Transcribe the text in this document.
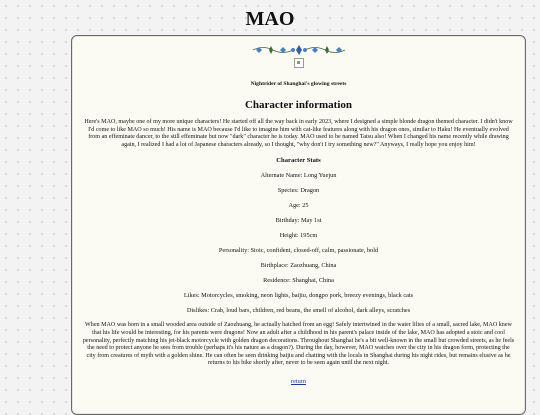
MAO
Nightrider of Shanghai's glowing streets
Character information
Here's MAO, maybe one of my more unique characters! He started off all the way back in early 2023, where I designed a simple blonde dragon themed character. I didn't know I'd come to like MAO so much! His name is MAO because I'd like to imagine him with cat-like features along with his dragon ones, similar to Haku! He eventually evolved from an effeminate dancer, to the still effeminate but now "dark" character he is today. MAO used to be named Tatsu also! When I changed his name recently while drawing again, I realized I had a lot of Japanese characters already, so I thought, "why don't I try something new?" Anyways, I really hope you enjoy him!
Character Stats
Alternate Name: Long Yuejun
Species: Dragon
Age: 25
Birthday: May 1st
Height: 195cm
Personality: Stoic, confident, closed-off, calm, passionate, bold
Birthplace: Zaozhuang, China
Residence: Shanghai, China
Likes: Motorcycles, smoking, neon lights, baijiu, dongpo pork, breezy evenings, black cats
Dislikes: Crab, loud bars, children, red beans, the smell of alcohol, dark alleys, scratches
When MAO was born in a small wooded area outside of Zaozhuang, he actually hatched from an egg! Safely intertwined in the water lilies of a small, sacred lake, MAO knew that his life would be interesting, for his parents were dragons! Now an adult after a childhood in his parent's palace inside of the lake, MAO has adopted a stoic and cool personality, perfectly matching his jet-black motorcycle with golden dragon decorations. Throughout Shanghai he's a bit well-known in the small but crowded streets, as he feels the need to protect anyone he sees from trouble (perhaps it's his nature as a dragon?). During the day, however, MAO watches over the city in his dragon form, protecting the city from creatures of myth with a golden shine. He can often be seen drinking baijiu and chatting with the locals in Shanghai during his night rides, but remains elusive as he returns to his bike shortly after, never to be seen again until the next night.
return
